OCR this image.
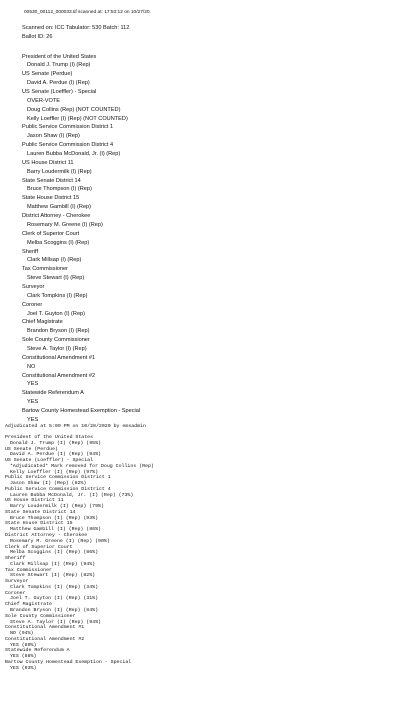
00530_00112_000033.tif scanned at: 17:53:12 on 10/27/20.
Scanned on: ICC Tabulator: 530 Batch: 112
Ballot ID: 26
President of the United States
Donald J. Trump (I) (Rep)
US Senate (Perdue)
David A. Perdue (I) (Rep)
US Senate (Loeffler) - Special
OVER-VOTE
Doug Collins (Rep) (NOT COUNTED)
Kelly Loeffler (I) (Rep) (NOT COUNTED)
Public Service Commission District 1
Jason Shaw (I) (Rep)
Public Service Commission District 4
Lauren Bubba McDonald, Jr. (I) (Rep)
US House District 11
Barry Loudermilk (I) (Rep)
State Senate District 14
Bruce Thompson (I) (Rep)
State House District 15
Matthew Gambill (I) (Rep)
District Attorney - Cherokee
Rosemary M. Greene (I) (Rep)
Clerk of Superior Court
Melba Scoggins (I) (Rep)
Sheriff
Clark Millsap (I) (Rep)
Tax Commissioner
Steve Stewart (I) (Rep)
Surveyor
Clark Tompkins (I) (Rep)
Coroner
Joel T. Guyton (I) (Rep)
Chief Magistrate
Brandon Bryson (I) (Rep)
Sole County Commissioner
Steve A. Taylor (I) (Rep)
Constitutional Amendment #1
NO
Constitutional Amendment #2
YES
Statewide Referendum A
YES
Bartow County Homestead Exemption - Special
YES
Adjudicated at 5:09 PM on 10/28/2020 by emsadmin
President of the United States
Donald J. Trump (I) (Rep) (95%)
US Senate (Perdue)
David A. Perdue (I) (Rep) (94%)
US Senate (Loeffler) - Special
*Adjudicated* Mark removed for Doug Collins (Rep)
Kelly Loeffler (I) (Rep) (97%)
Public Service Commission District 1
Jason Shaw (I) (Rep) (82%)
Public Service Commission District 4
Lauren Bubba McDonald, Jr. (I) (Rep) (73%)
US House District 11
Barry Loudermilk (I) (Rep) (79%)
State Senate District 14
Bruce Thompson (I) (Rep) (93%)
State House District 15
Matthew Gambill (I) (Rep) (86%)
District Attorney - Cherokee
Rosemary M. Greene (I) (Rep) (90%)
Clerk of Superior Court
Melba Scoggins (I) (Rep) (86%)
Sheriff
Clark Millsap (I) (Rep) (94%)
Tax Commissioner
Steve Stewart (I) (Rep) (82%)
Surveyor
Clark Tompkins (I) (Rep) (34%)
Coroner
Joel T. Guyton (I) (Rep) (31%)
Chief Magistrate
Brandon Bryson (I) (Rep) (84%)
Sole County Commissioner
Steve A. Taylor (I) (Rep) (94%)
Constitutional Amendment #1
NO (94%)
Constitutional Amendment #2
YES (89%)
Statewide Referendum A
YES (88%)
Bartow County Homestead Exemption - Special
YES (93%)
